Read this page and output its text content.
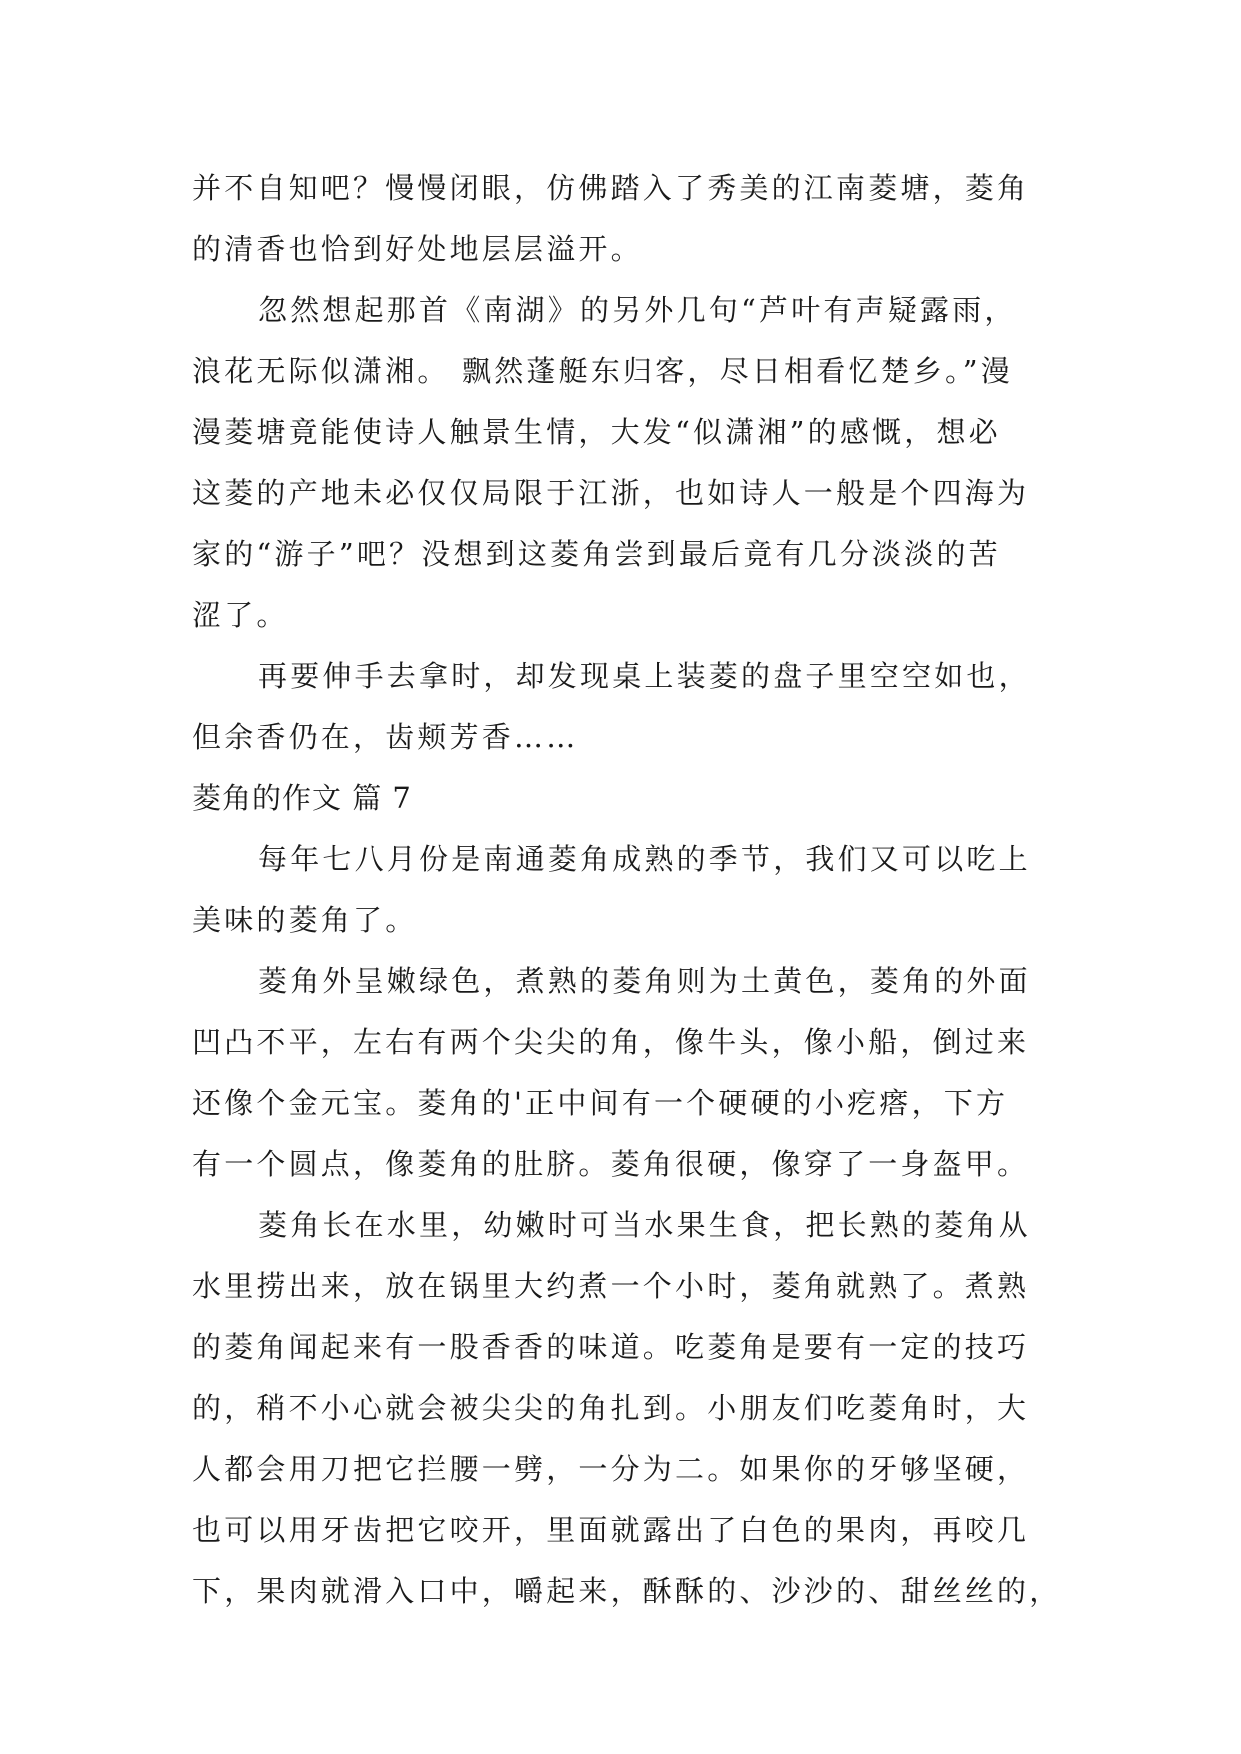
并不自知吧？慢慢闭眼，仿佛踏入了秀美的江南菱塘，菱角
的清香也恰到好处地层层溢开。
忽然想起那首《南湖》的另外几句“芦叶有声疑露雨，
浪花无际似潇湘。 飘然蓬艇东归客，尽日相看忆楚乡。”漫
漫菱塘竟能使诗人触景生情，大发“似潇湘”的感慨，想必
这菱的产地未必仅仅局限于江浙，也如诗人一般是个四海为
家的“游子”吧？没想到这菱角尝到最后竟有几分淡淡的苦
涩了。
再要伸手去拿时，却发现桌上装菱的盘子里空空如也，
但余香仍在，齿颊芳香……
菱角的作文 篇 7
每年七八月份是南通菱角成熟的季节，我们又可以吃上
美味的菱角了。
菱角外呈嫩绿色，煮熟的菱角则为土黄色，菱角的外面
凹凸不平，左右有两个尖尖的角，像牛头，像小船，倒过来
还像个金元宝。菱角的'正中间有一个硬硬的小疙瘩，下方
有一个圆点，像菱角的肚脐。菱角很硬，像穿了一身盔甲。
菱角长在水里，幼嫩时可当水果生食，把长熟的菱角从
水里捞出来，放在锅里大约煮一个小时，菱角就熟了。煮熟
的菱角闻起来有一股香香的味道。吃菱角是要有一定的技巧
的，稍不小心就会被尖尖的角扎到。小朋友们吃菱角时，大
人都会用刀把它拦腰一劈，一分为二。如果你的牙够坚硬，
也可以用牙齿把它咬开，里面就露出了白色的果肉，再咬几
下，果肉就滑入口中，嚼起来，酥酥的、沙沙的、甜丝丝的，
